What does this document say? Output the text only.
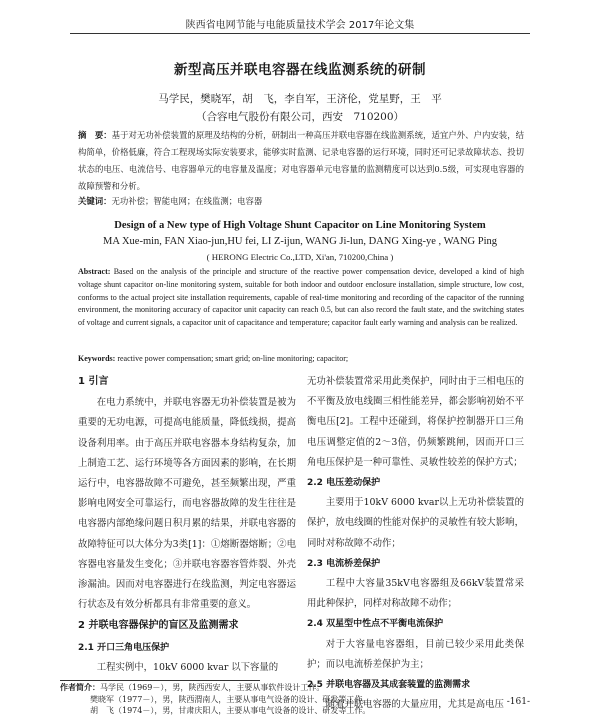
陕西省电网节能与电能质量技术学会 2017年论文集
新型高压并联电容器在线监测系统的研制
马学民，樊晓军，胡　飞，李自军，王济伦，党星野，王　平
（合容电气股份有限公司，西安　710200）
摘　要：基于对无功补偿装置的原理及结构的分析，研制出一种高压并联电容器在线监测系统，适宜户外、户内安装，结构简单，价格低廉，符合工程现场实际安装要求，能够实时监测、记录电容器的运行环境，同时还可记录故障状态、投切状态的电压、电流信号、电容器单元的电容量及温度；对电容器单元电容量的监测精度可以达到0.5级，可实现电容器的故障预警和分析。
关键词：无功补偿；智能电网；在线监测；电容器
Design of a New type of High Voltage Shunt Capacitor on Line Monitoring System
MA Xue-min, FAN Xiao-jun,HU fei, LI Z-ijun, WANG Ji-lun, DANG Xing-ye , WANG Ping
( HERONG Electric Co.,LTD, Xi'an, 710200,China )
Abstract: Based on the analysis of the principle and structure of the reactive power compensation device, developed a kind of high voltage shunt capacitor on-line monitoring system, suitable for both indoor and outdoor enclosure installation, simple structure, low cost, conforms to the actual project site installation requirements, capable of real-time monitoring and recording of the capacitor of the running environment, the monitoring accuracy of capacitor unit capacity can reach 0.5, but can also record the fault state, and the switching states of voltage and current signals, a capacitor unit of capacitance and temperature; capacitor fault early warning and analysis can be realized.
Keywords: reactive power compensation; smart grid; on-line monitoring; capacitor;
1 引言

在电力系统中，并联电容器无功补偿装置是被为重要的无功电源，可提高电能质量，降低线损，提高设备利用率。由于高压并联电容器本身结构复杂，加上制造工艺、运行环境等各方面因素的影响，在长期运行中，电容器故障不可避免，甚至频繁出现，严重影响电网安全可靠运行，而电容器故障的发生往往是电容器内部绝缘问题日积月累的结果，并联电容器的故障特征可以大体分为3类[1]：①熔断器熔断；②电容器电容量发生变化；③并联电容器容管炸裂、外壳渗漏油。因而对电容器进行在线监测，判定电容器运行状态及有效分析都具有非常重要的意义。

2 并联电容器保护的盲区及监测需求
2.1 开口三角电压保护

工程实例中，10kV 6000 kvar 以下容量的

无功补偿装置常采用此类保护，同时由于三相电压的不平衡及放电线圈三相性能差异，都会影响初始不平衡电压[2]。工程中还碰到，将保护控制器开口三角电压调整定值的2～3倍，仍频繁跳闸，因而开口三角电压保护是一种可靠性、灵敏性较差的保护方式；

2.2 电压差动保护

主要用于10kV 6000 kvar以上无功补偿装置的保护，放电线圈的性能对保护的灵敏性有较大影响，同时对称故障不动作；

2.3 电流桥差保护

工程中大容量35kV电容器组及66kV装置常采用此种保护，同样对称故障不动作；

2.4 双星型中性点不平衡电流保护

对于大容量电容器组，目前已较少采用此类保护；而以电流桥差保护为主；

2.5 并联电容器及其成套装置的监测需求

随着并联电容器的大量应用，尤其是高电压

作者简介：马学民（1969－），男，陕西西安人，主要从事软件设计工作。
樊晓军（1977－），男，陕西渭南人，主要从事电气设备的设计、研发等工作。
胡　飞（1974－），男，甘肃庆阳人，主要从事电气设备的设计、研发等工作。
-161-
